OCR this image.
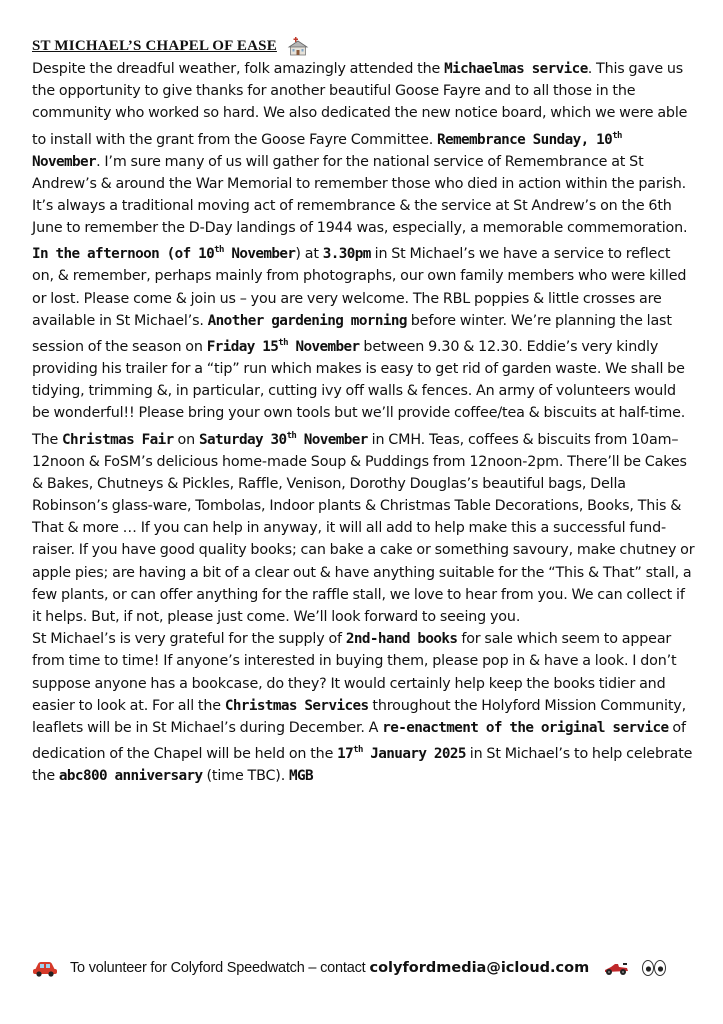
ST MICHAEL’S CHAPEL OF EASE

Despite the dreadful weather, folk amazingly attended the Michaelmas service. This gave us the opportunity to give thanks for another beautiful Goose Fayre and to all those in the community who worked so hard. We also dedicated the new notice board, which we were able to install with the grant from the Goose Fayre Committee. Remembrance Sunday, 10th November. I’m sure many of us will gather for the national service of Remembrance at St Andrew’s & around the War Memorial to remember those who died in action within the parish. It’s always a traditional moving act of remembrance & the service at St Andrew’s on the 6th June to remember the D-Day landings of 1944 was, especially, a memorable commemoration. In the afternoon (of 10th November) at 3.30pm in St Michael’s we have a service to reflect on, & remember, perhaps mainly from photographs, our own family members who were killed or lost. Please come & join us – you are very welcome. The RBL poppies & little crosses are available in St Michael’s. Another gardening morning before winter. We’re planning the last session of the season on Friday 15th November between 9.30 & 12.30. Eddie’s very kindly providing his trailer for a “tip” run which makes is easy to get rid of garden waste. We shall be tidying, trimming &, in particular, cutting ivy off walls & fences. An army of volunteers would be wonderful!! Please bring your own tools but we’ll provide coffee/tea & biscuits at half-time. The Christmas Fair on Saturday 30th November in CMH. Teas, coffees & biscuits from 10am–12noon & FoSM’s delicious home-made Soup & Puddings from 12noon-2pm. There’ll be Cakes & Bakes, Chutneys & Pickles, Raffle, Venison, Dorothy Douglas’s beautiful bags, Della Robinson’s glass-ware, Tombolas, Indoor plants & Christmas Table Decorations, Books, This & That & more … If you can help in anyway, it will all add to help make this a successful fund-raiser. If you have good quality books; can bake a cake or something savoury, make chutney or apple pies; are having a bit of a clear out & have anything suitable for the “This & That” stall, a few plants, or can offer anything for the raffle stall, we love to hear from you. We can collect if it helps. But, if not, please just come. We’ll look forward to seeing you.
St Michael’s is very grateful for the supply of 2nd-hand books for sale which seem to appear from time to time! If anyone’s interested in buying them, please pop in & have a look. I don’t suppose anyone has a bookcase, do they? It would certainly help keep the books tidier and easier to look at. For all the Christmas Services throughout the Holyford Mission Community, leaflets will be in St Michael’s during December. A re-enactment of the original service of dedication of the Chapel will be held on the 17th January 2025 in St Michael’s to help celebrate the abc800 anniversary (time TBC). MGB

To volunteer for Colyford Speedwatch – contact colyfordmedia@icloud.com
